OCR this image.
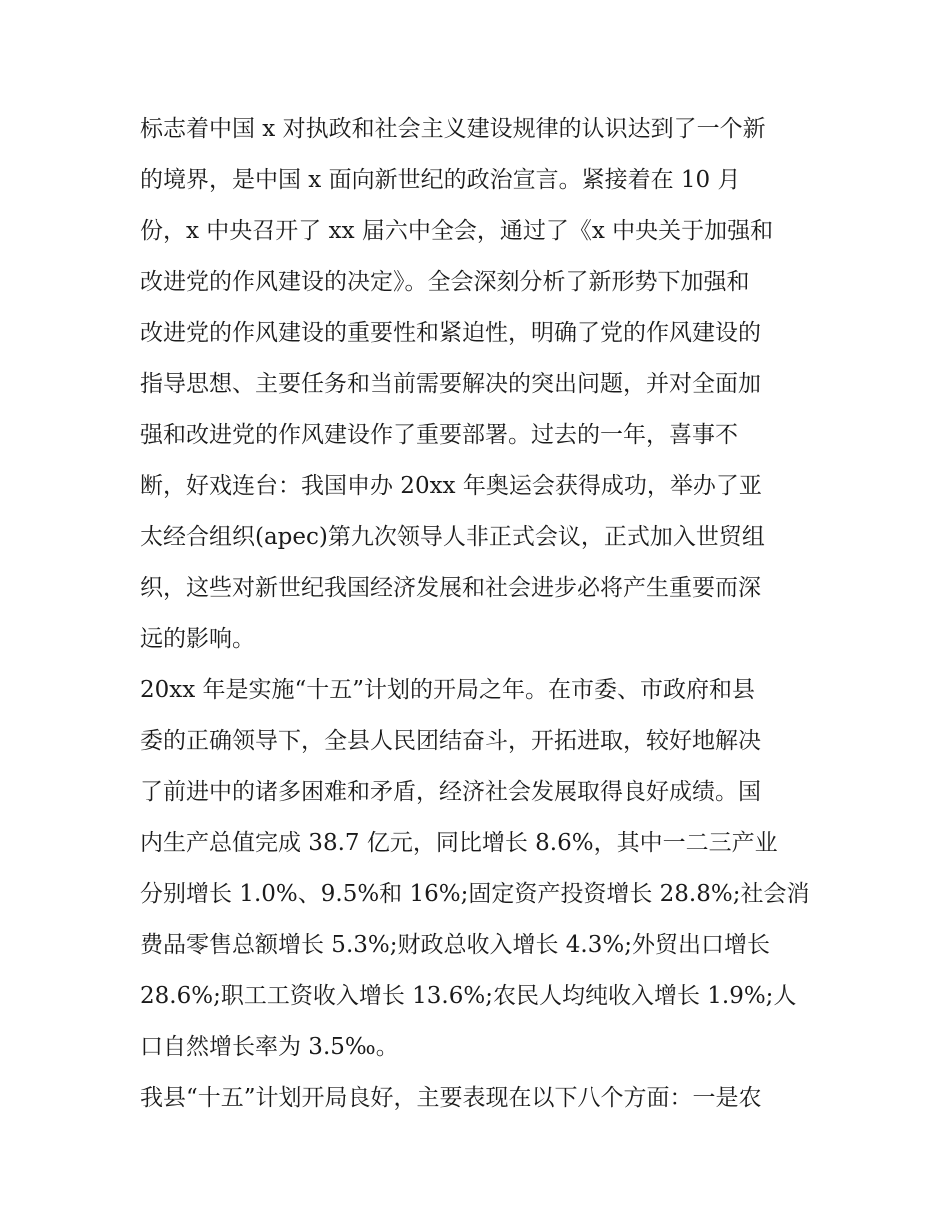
标志着中国 x 对执政和社会主义建设规律的认识达到了一个新
的境界，是中国 x 面向新世纪的政治宣言。紧接着在 10 月
份，x 中央召开了 xx 届六中全会，通过了《x 中央关于加强和
改进党的作风建设的决定》。全会深刻分析了新形势下加强和
改进党的作风建设的重要性和紧迫性，明确了党的作风建设的
指导思想、主要任务和当前需要解决的突出问题，并对全面加
强和改进党的作风建设作了重要部署。过去的一年，喜事不
断，好戏连台：我国申办 20xx 年奥运会获得成功，举办了亚
太经合组织(apec)第九次领导人非正式会议，正式加入世贸组
织，这些对新世纪我国经济发展和社会进步必将产生重要而深
远的影响。
20xx 年是实施“十五”计划的开局之年。在市委、市政府和县
委的正确领导下，全县人民团结奋斗，开拓进取，较好地解决
了前进中的诸多困难和矛盾，经济社会发展取得良好成绩。国
内生产总值完成 38.7 亿元，同比增长 8.6%，其中一二三产业
分别增长 1.0%、9.5%和 16%;固定资产投资增长 28.8%;社会消
费品零售总额增长 5.3%;财政总收入增长 4.3%;外贸出口增长
28.6%;职工工资收入增长 13.6%;农民人均纯收入增长 1.9%;人
口自然增长率为 3.5‰。
我县“十五”计划开局良好，主要表现在以下八个方面：一是农
